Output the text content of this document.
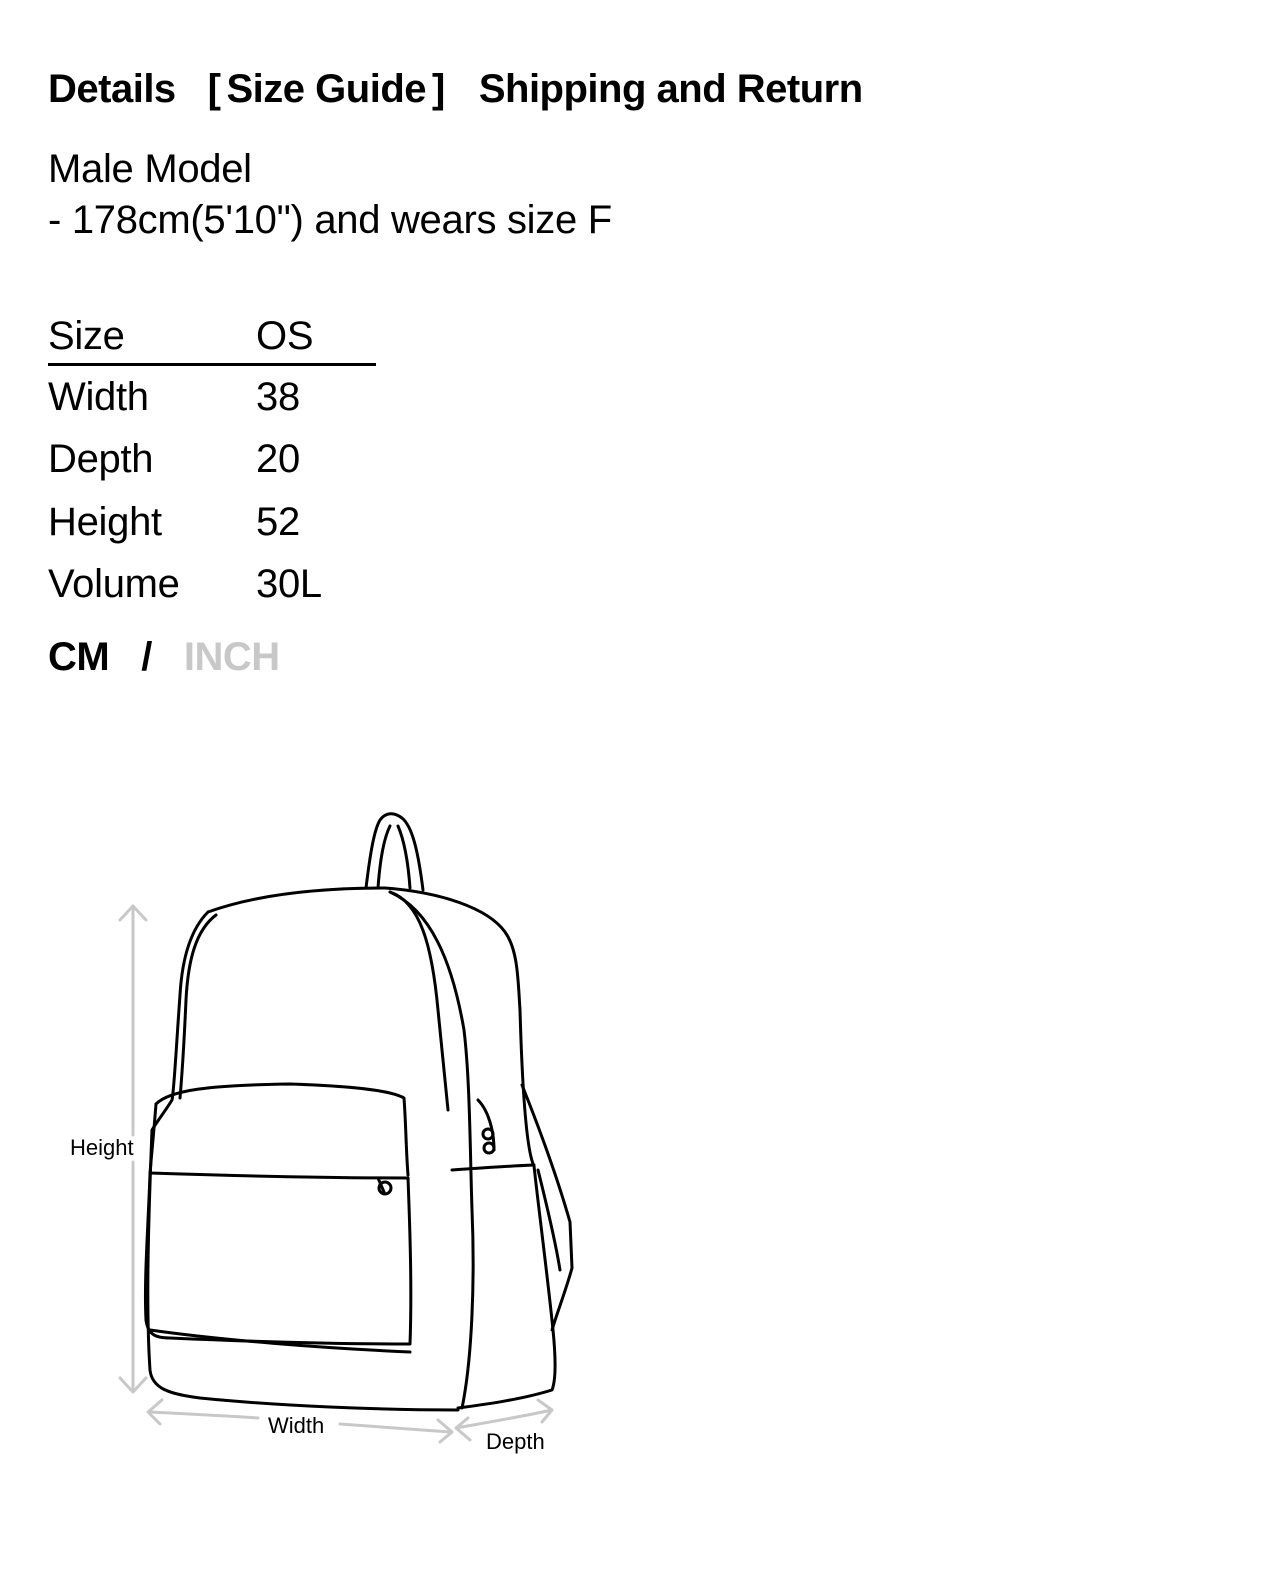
Details [ Size Guide ] Shipping and Return
Male Model
- 178cm(5'10") and wears size F
Size	OS
Width	38
Depth	20
Height	52
Volume	30L
CM / INCH
Height
Width
Depth
